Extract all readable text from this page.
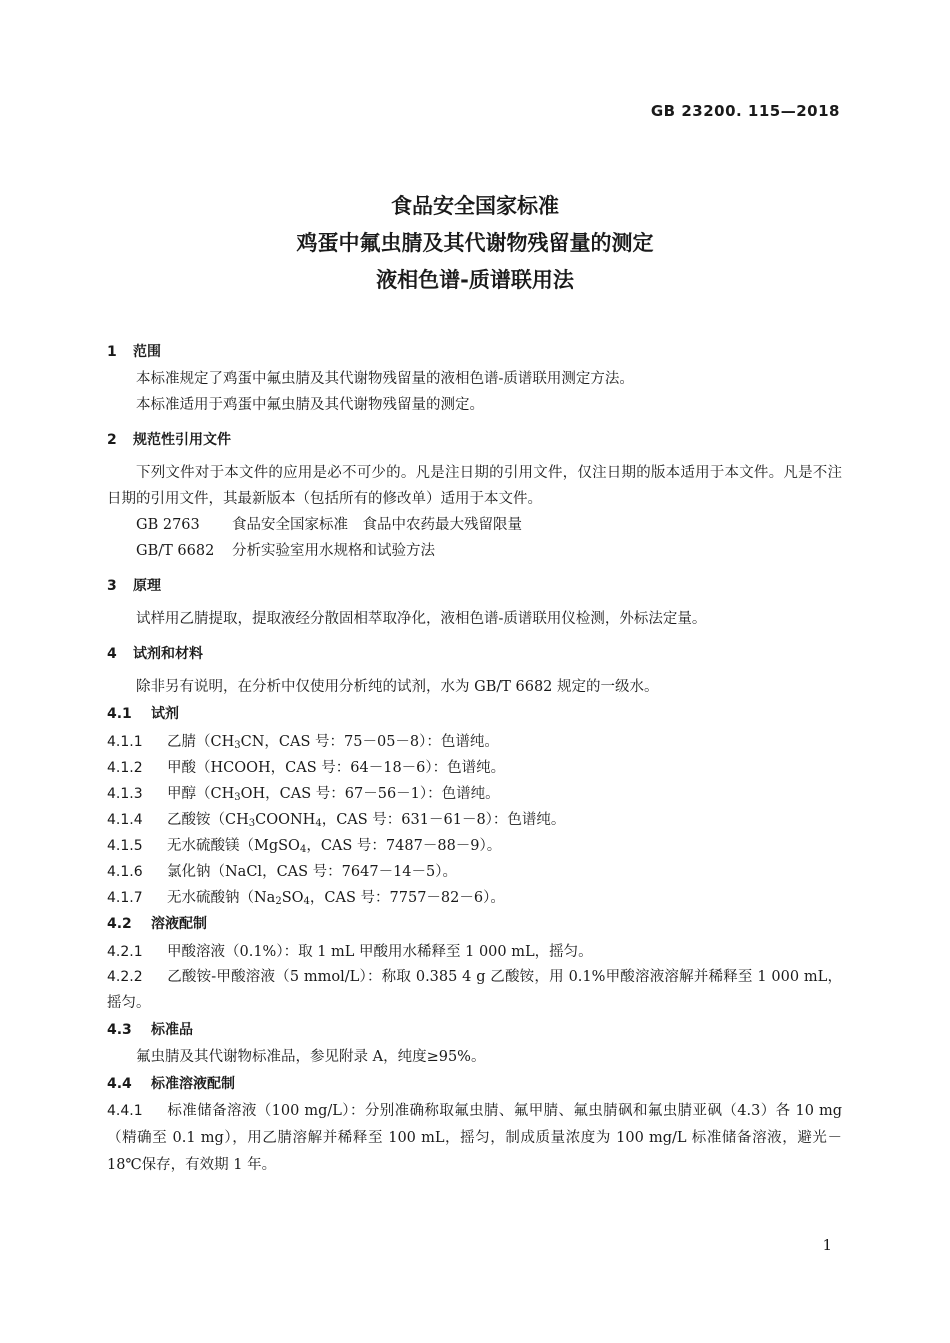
GB 23200. 115—2018
食品安全国家标准
鸡蛋中氟虫腈及其代谢物残留量的测定
液相色谱-质谱联用法
1 范围
本标准规定了鸡蛋中氟虫腈及其代谢物残留量的液相色谱-质谱联用测定方法。
本标准适用于鸡蛋中氟虫腈及其代谢物残留量的测定。
2 规范性引用文件
下列文件对于本文件的应用是必不可少的。凡是注日期的引用文件，仅注日期的版本适用于本文件。凡是不注日期的引用文件，其最新版本（包括所有的修改单）适用于本文件。
GB 2763 食品安全国家标准　食品中农药最大残留限量
GB/T 6682 分析实验室用水规格和试验方法
3 原理
试样用乙腈提取，提取液经分散固相萃取净化，液相色谱-质谱联用仪检测，外标法定量。
4 试剂和材料
除非另有说明，在分析中仅使用分析纯的试剂，水为 GB/T 6682 规定的一级水。
4.1 试剂
4.1.1 乙腈（$CH_3CN$，CAS 号：75－05－8）：色谱纯。
4.1.2 甲酸（HCOOH，CAS 号：64－18－6）：色谱纯。
4.1.3 甲醇（$CH_3OH$，CAS 号：67－56－1）：色谱纯。
4.1.4 乙酸铵（$CH_3COONH_4$，CAS 号：631－61－8）：色谱纯。
4.1.5 无水硫酸镁（MgSO$_4$，CAS 号：7487－88－9）。
4.1.6 氯化钠（NaCl，CAS 号：7647－14－5）。
4.1.7 无水硫酸钠（$Na_2SO_4$，CAS 号：7757－82－6）。
4.2 溶液配制
4.2.1 甲酸溶液（0.1%）：取 1 mL 甲酸用水稀释至 1 000 mL，摇匀。
4.2.2 乙酸铵-甲酸溶液（5 mmol/L）：称取 0.385 4 g 乙酸铵，用 0.1%甲酸溶液溶解并稀释至 1 000 mL，摇匀。
4.3 标准品
氟虫腈及其代谢物标准品，参见附录 A，纯度≥95%。
4.4 标准溶液配制
4.4.1 标准储备溶液（100 mg/L）：分别准确称取氟虫腈、氟甲腈、氟虫腈砜和氟虫腈亚砜（4.3）各 10 mg（精确至 0.1 mg），用乙腈溶解并稀释至 100 mL，摇匀，制成质量浓度为 100 mg/L 标准储备溶液，避光－18℃保存，有效期 1 年。
1
